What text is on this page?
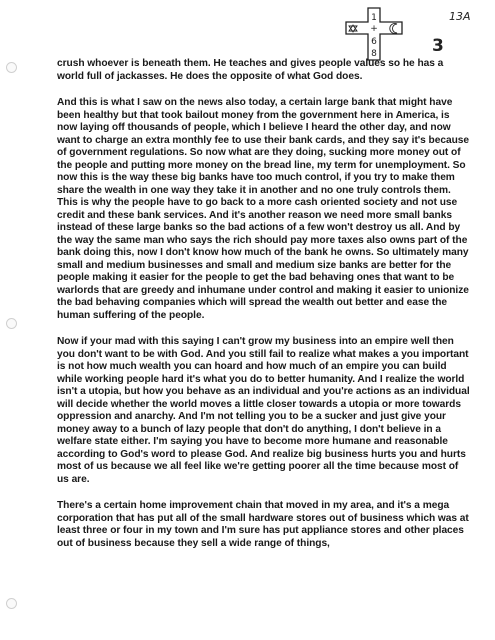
1
+
6
8
13A
3

crush whoever is beneath them. He teaches and gives people values so he has a world full of jackasses. He does the opposite of what God does.

And this is what I saw on the news also today, a certain large bank that might have been healthy but that took bailout money from the government here in America, is now laying off thousands of people, which I believe I heard the other day, and now want to charge an extra monthly fee to use their bank cards, and they say it's because of government regulations. So now what are they doing, sucking more money out of the people and putting more money on the bread line, my term for unemployment. So now this is the way these big banks have too much control, if you try to make them share the wealth in one way they take it in another and no one truly controls them. This is why the people have to go back to a more cash oriented society and not use credit and these bank services. And it's another reason we need more small banks instead of these large banks so the bad actions of a few won't destroy us all. And by the way the same man who says the rich should pay more taxes also owns part of the bank doing this, now I don't know how much of the bank he owns. So ultimately many small and medium businesses and small and medium size banks are better for the people making it easier for the people to get the bad behaving ones that want to be warlords that are greedy and inhumane under control and making it easier to unionize the bad behaving companies which will spread the wealth out better and ease the human suffering of the people.

Now if your mad with this saying I can't grow my business into an empire well then you don't want to be with God. And you still fail to realize what makes a you important is not how much wealth you can hoard and how much of an empire you can build while working people hard it's what you do to better humanity. And I realize the world isn't a utopia, but how you behave as an individual and you're actions as an individual will decide whether the world moves a little closer towards a utopia or more towards oppression and anarchy. And I'm not telling you to be a sucker and just give your money away to a bunch of lazy people that don't do anything, I don't believe in a welfare state either. I'm saying you have to become more humane and reasonable according to God's word to please God. And realize big business hurts you and hurts most of us because we all feel like we're getting poorer all the time because most of us are.

There's a certain home improvement chain that moved in my area, and it's a mega corporation that has put all of the small hardware stores out of business which was at least three or four in my town and I'm sure has put appliance stores and other places out of business because they sell a wide range of things,
